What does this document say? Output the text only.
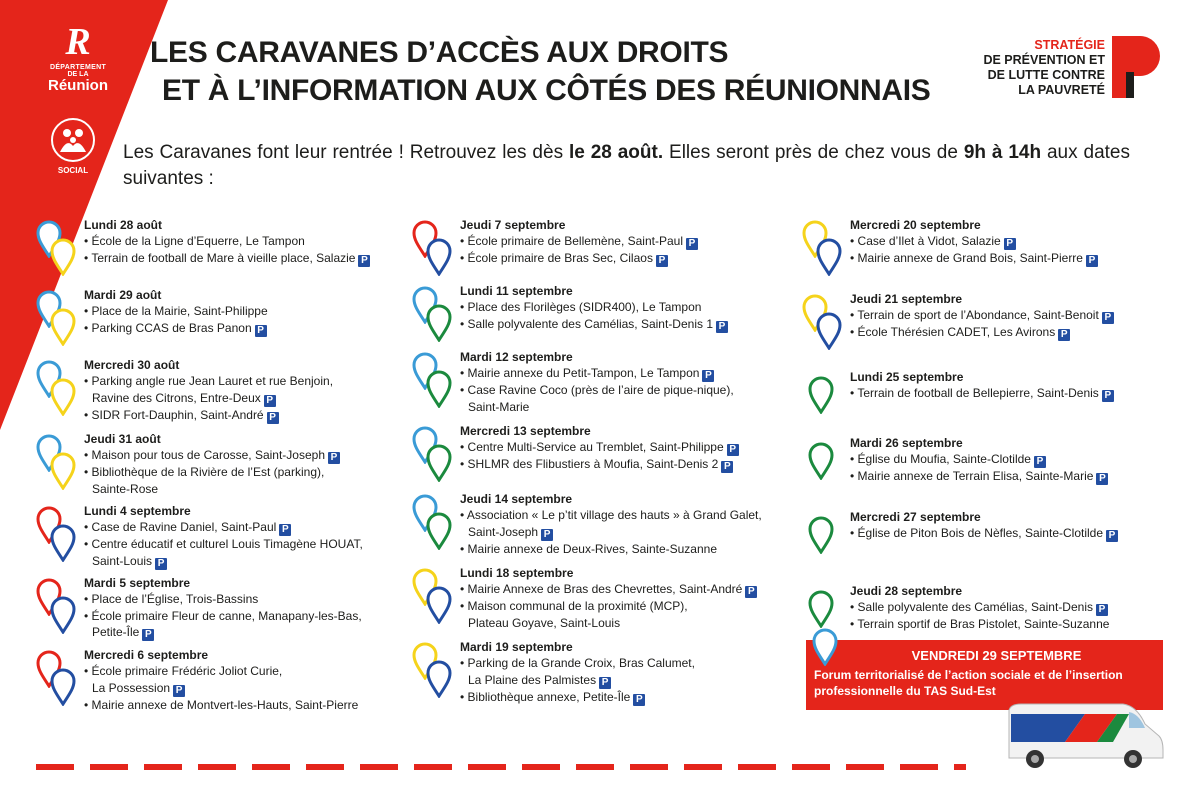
R
DÉPARTEMENT
DE LA
Réunion
SOCIAL
LES CARAVANES D’ACCÈS AUX DROITS
ET À L’INFORMATION AUX CÔTÉS DES RÉUNIONNAIS
STRATÉGIE
DE PRÉVENTION ET
DE LUTTE CONTRE
LA PAUVRETÉ
Les Caravanes font leur rentrée ! Retrouvez les dès le 28 août. Elles seront près de chez vous de 9h à 14h aux dates suivantes :
Lundi 28 août
• École de la Ligne d’Equerre, Le Tampon
• Terrain de football de Mare à vieille place, Salazie P
Mardi 29 août
• Place de la Mairie, Saint-Philippe
• Parking CCAS de Bras Panon P
Mercredi 30 août
• Parking angle rue Jean Lauret et rue Benjoin,
Ravine des Citrons, Entre-Deux P
• SIDR Fort-Dauphin, Saint-André P
Jeudi 31 août
• Maison pour tous de Carosse, Saint-Joseph P
• Bibliothèque de la Rivière de l’Est (parking),
Sainte-Rose
Lundi 4 septembre
• Case de Ravine Daniel, Saint-Paul P
• Centre éducatif et culturel Louis Timagène HOUAT,
Saint-Louis P
Mardi 5 septembre
• Place de l’Église, Trois-Bassins
• École primaire Fleur de canne, Manapany-les-Bas,
Petite-Île P
Mercredi 6 septembre
• École primaire Frédéric Joliot Curie,
La Possession P
• Mairie annexe de Montvert-les-Hauts, Saint-Pierre
Jeudi 7 septembre
• École primaire de Bellemène, Saint-Paul P
• École primaire de Bras Sec, Cilaos P
Lundi 11 septembre
• Place des Florilèges (SIDR400), Le Tampon
• Salle polyvalente des Camélias, Saint-Denis 1 P
Mardi 12 septembre
• Mairie annexe du Petit-Tampon, Le Tampon P
• Case Ravine Coco (près de l’aire de pique-nique),
Saint-Marie
Mercredi 13 septembre
• Centre Multi-Service au Tremblet, Saint-Philippe P
• SHLMR des Flibustiers à Moufia, Saint-Denis 2 P
Jeudi 14 septembre
• Association « Le p’tit village des hauts » à Grand Galet,
Saint-Joseph P
• Mairie annexe de Deux-Rives, Sainte-Suzanne
Lundi 18 septembre
• Mairie Annexe de Bras des Chevrettes, Saint-André P
• Maison communal de la proximité (MCP),
Plateau Goyave, Saint-Louis
Mardi 19 septembre
• Parking de la Grande Croix, Bras Calumet,
La Plaine des Palmistes P
• Bibliothèque annexe, Petite-Île P
Mercredi 20 septembre
• Case d’Ilet à Vidot, Salazie P
• Mairie annexe de Grand Bois, Saint-Pierre P
Jeudi 21 septembre
• Terrain de sport de l’Abondance, Saint-Benoit P
• École Thérésien CADET, Les Avirons P
Lundi 25 septembre
• Terrain de football de Bellepierre, Saint-Denis P
Mardi 26 septembre
• Église du Moufia, Sainte-Clotilde P
• Mairie annexe de Terrain Elisa, Sainte-Marie P
Mercredi 27 septembre
• Église de Piton Bois de Nèfles, Sainte-Clotilde P
Jeudi 28 septembre
• Salle polyvalente des Camélias, Saint-Denis P
• Terrain sportif de Bras Pistolet, Sainte-Suzanne
VENDREDI 29 SEPTEMBRE
Forum territorialisé de l’action sociale et de l’insertion professionnelle du TAS Sud-Est
